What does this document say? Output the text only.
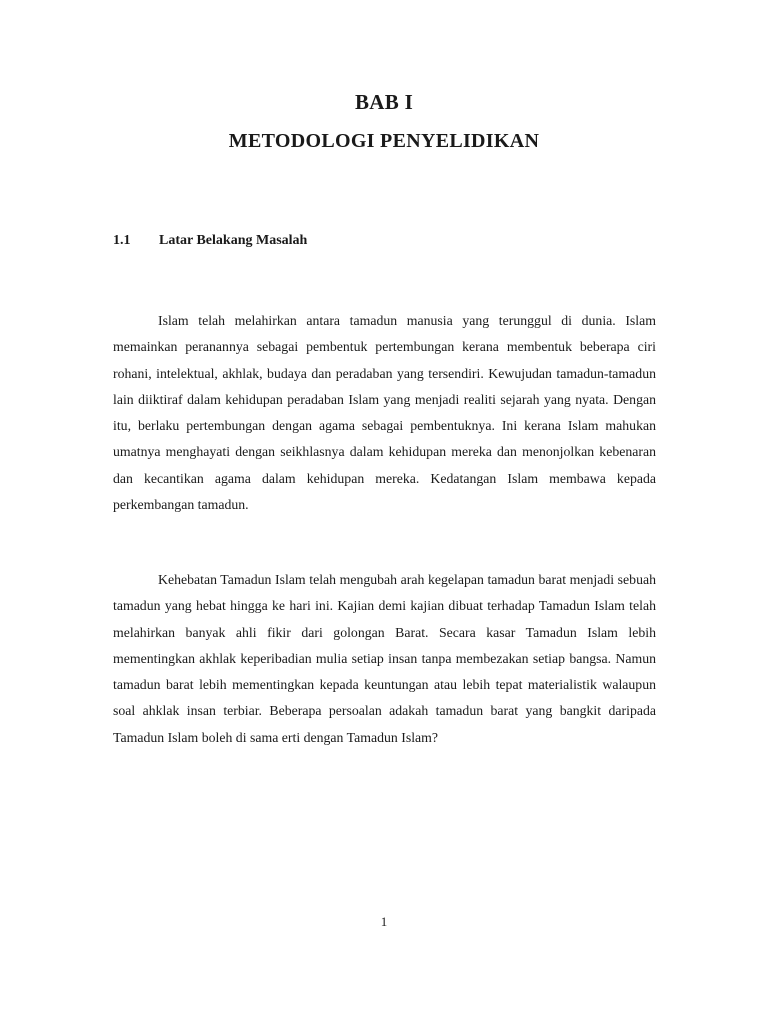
BAB I
METODOLOGI PENYELIDIKAN
1.1 Latar Belakang Masalah

Islam telah melahirkan antara tamadun manusia yang terunggul di dunia. Islam memainkan peranannya sebagai pembentuk pertembungan kerana membentuk beberapa ciri rohani, intelektual, akhlak, budaya dan peradaban yang tersendiri. Kewujudan tamadun-tamadun lain diiktiraf dalam kehidupan peradaban Islam yang menjadi realiti sejarah yang nyata. Dengan itu, berlaku pertembungan dengan agama sebagai pembentuknya. Ini kerana Islam mahukan umatnya menghayati dengan seikhlasnya dalam kehidupan mereka dan menonjolkan kebenaran dan kecantikan agama dalam kehidupan mereka. Kedatangan Islam membawa kepada perkembangan tamadun.

Kehebatan Tamadun Islam telah mengubah arah kegelapan tamadun barat menjadi sebuah tamadun yang hebat hingga ke hari ini. Kajian demi kajian dibuat terhadap Tamadun Islam telah melahirkan banyak ahli fikir dari golongan Barat. Secara kasar Tamadun Islam lebih mementingkan akhlak keperibadian mulia setiap insan tanpa membezakan setiap bangsa. Namun tamadun barat lebih mementingkan kepada keuntungan atau lebih tepat materialistik walaupun soal ahklak insan terbiar. Beberapa persoalan adakah tamadun barat yang bangkit daripada Tamadun Islam boleh di sama erti dengan Tamadun Islam?

1
